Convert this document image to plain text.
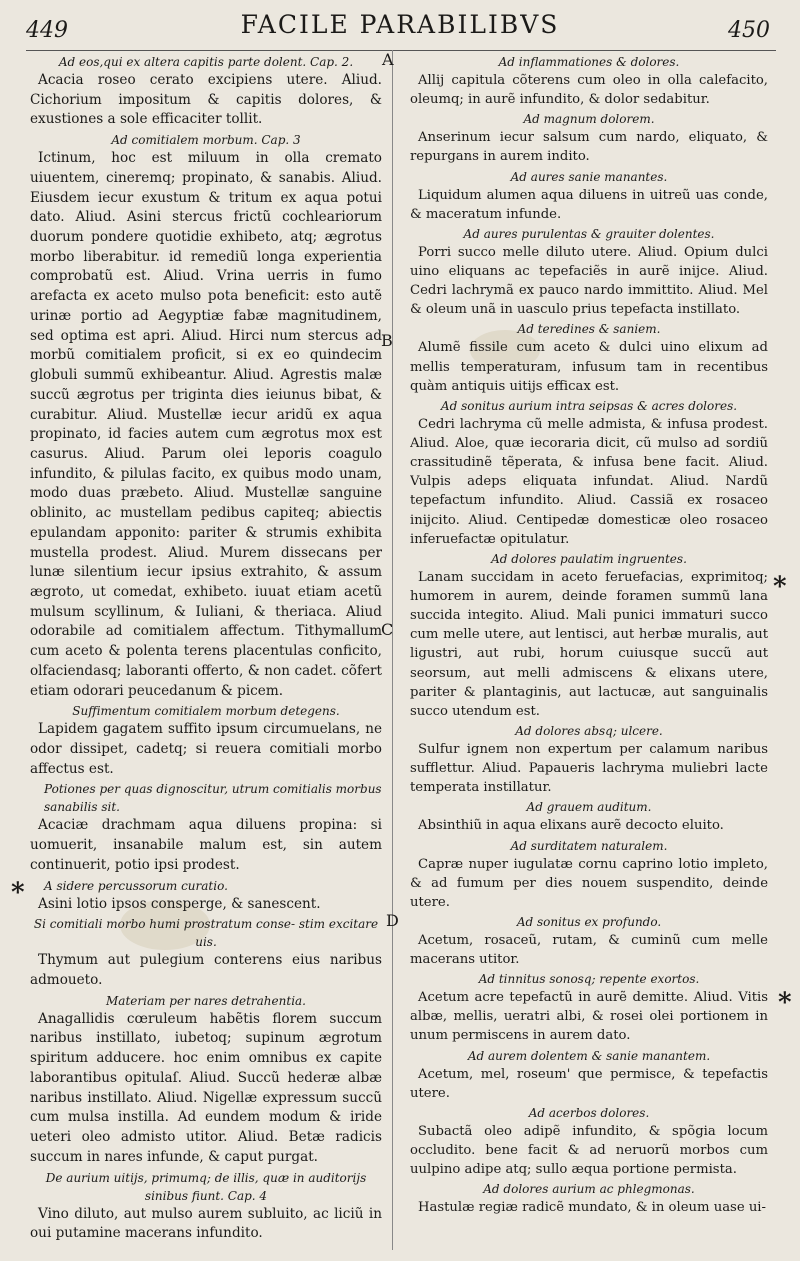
449	FACILE PARABILIBVS	450
A
B
C
D
*
*
*
Ad eos,qui ex altera capitis parte dolent. Cap. 2.

Acacia roseo cerato excipiens utere. Aliud. Cichorium impositum & capitis dolores, & exustiones a sole efficaciter tollit.

Ad comitialem morbum. Cap. 3

Ictinum, hoc est miluum in olla cremato uiuentem, cineremq; propinato, & sanabis. Aliud. Eiusdem iecur exustum & tritum ex aqua potui dato. Aliud. Asini stercus frictũ cochleariorum duorum pondere quotidie exhibeto, atq; ægrotus morbo liberabitur. id remediũ longa experientia comprobatũ est. Aliud. Vrina uerris in fumo arefacta ex aceto mulso pota beneficit: esto autẽ urinæ portio ad Aegyptiæ fabæ magnitudinem, sed optima est apri. Aliud. Hirci num stercus ad morbũ comitialem proficit, si ex eo quindecim globuli summũ exhibeantur. Aliud. Agrestis malæ succũ ægrotus per triginta dies ieiunus bibat, & curabitur. Aliud. Mustellæ iecur aridũ ex aqua propinato, id facies autem cum ægrotus mox est casurus. Aliud. Parum olei leporis coagulo infundito, & pilulas facito, ex quibus modo unam, modo duas præbeto. Aliud. Mustellæ sanguine oblinito, ac mustellam pedibus capiteq; abiectis epulandam apponito: pariter & strumis exhibita mustella prodest. Aliud. Murem dissecans per lunæ silentium iecur ipsius extrahito, & assum ægroto, ut comedat, exhibeto. iuuat etiam acetũ mulsum scyllinum, & Iuliani, & theriaca. Aliud odorabile ad comitialem affectum. Tithymallum cum aceto & polenta terens placentulas conficito, olfaciendasq; laboranti offerto, & non cadet. cõfert etiam odorari peucedanum & picem.

Suffimentum comitialem morbum detegens.

Lapidem gagatem suffito ipsum circumuelans, ne odor dissipet, cadetq; si reuera comitiali morbo affectus est.

Potiones per quas dignoscitur, utrum comitialis morbus sanabilis sit.

Acaciæ drachmam aqua diluens propina: si uomuerit, insanabile malum est, sin autem continuerit, potio ipsi prodest.

A sidere percussorum curatio.

Asini lotio ipsos consperge, & sanescent.

Si comitiali morbo humi prostratum conse- stim excitare uis.

Thymum aut pulegium conterens eius naribus admoueto.

Materiam per nares detrahentia.

Anagallidis cœruleum habẽtis florem succum naribus instillato, iubetoq; supinum ægrotum spiritum adducere. hoc enim omnibus ex capite laborantibus opitulaſ. Aliud. Succũ hederæ albæ naribus instillato. Aliud. Nigellæ expressum succũ cum mulsa instilla. Ad eundem modum & iride ueteri oleo admisto utitor. Aliud. Betæ radicis succum in nares infunde, & caput purgat.

De aurium uitijs, primumq; de illis, quæ in auditorijs sinibus fiunt. Cap. 4

Vino diluto, aut mulso aurem subluito, ac liciũ in oui putamine macerans infundito.

Ad inflammationes & dolores.

Allij capitula cõterens cum oleo in olla calefacito, oleumq; in aurẽ infundito, & dolor sedabitur.

Ad magnum dolorem.

Anserinum iecur salsum cum nardo, eliquato, & repurgans in aurem indito.

Ad aures sanie manantes.

Liquidum alumen aqua diluens in uitreũ uas conde, & maceratum infunde.

Ad aures purulentas & grauiter dolentes.

Porri succo melle diluto utere. Aliud. Opium dulci uino eliquans ac tepefaciẽs in aurẽ inijce. Aliud. Cedri lachrymã ex pauco nardo immittito. Aliud. Mel & oleum unã in uasculo prius tepefacta instillato.

Ad teredines & saniem.

Alumẽ fissile cum aceto & dulci uino elixum ad mellis temperaturam, infusum tam in recentibus quàm antiquis uitijs efficax est.

Ad sonitus aurium intra seipsas & acres dolores.

Cedri lachryma cũ melle admista, & infusa prodest. Aliud. Aloe, quæ iecoraria dicit, cũ mulso ad sordiũ crassitudinẽ tẽperata, & infusa bene facit. Aliud. Vulpis adeps eliquata infundat. Aliud. Nardũ tepefactum infundito. Aliud. Cassiã ex rosaceo inijcito. Aliud. Centipedæ domesticæ oleo rosaceo inferuefactæ opitulatur.

Ad dolores paulatim ingruentes.

Lanam succidam in aceto feruefacias, exprimitoq; humorem in aurem, deinde foramen summũ lana succida integito. Aliud. Mali punici immaturi succo cum melle utere, aut lentisci, aut herbæ muralis, aut ligustri, aut rubi, horum cuiusque succũ aut seorsum, aut melli admiscens & elixans utere, pariter & plantaginis, aut lactucæ, aut sanguinalis succo utendum est.

Ad dolores absq; ulcere.

Sulfur ignem non expertum per calamum naribus sufflettur. Aliud. Papaueris lachryma muliebri lacte temperata instillatur.

Ad grauem auditum.

Absinthiũ in aqua elixans aurẽ decocto eluito.

Ad surditatem naturalem.

Capræ nuper iugulatæ cornu caprino lotio impleto, & ad fumum per dies nouem suspendito, deinde utere.

Ad sonitus ex profundo.

Acetum, rosaceũ, rutam, & cuminũ cum melle macerans utitor.

Ad tinnitus sonosq; repente exortos.

Acetum acre tepefactũ in aurẽ demitte. Aliud. Vitis albæ, mellis, ueratri albi, & rosei olei portionem in unum permiscens in aurem dato.

Ad aurem dolentem & sanie manantem.

Acetum, mel, roseum' que permisce, & tepefactis utere.

Ad acerbos dolores.

Subactã oleo adipẽ infundito, & spõgia locum occludito. bene facit & ad neruorũ morbos cum uulpino adipe atq; sullo æqua portione permista.

Ad dolores aurium ac phlegmonas.

Hastulæ regiæ radicẽ mundato, & in oleum uase ui-
